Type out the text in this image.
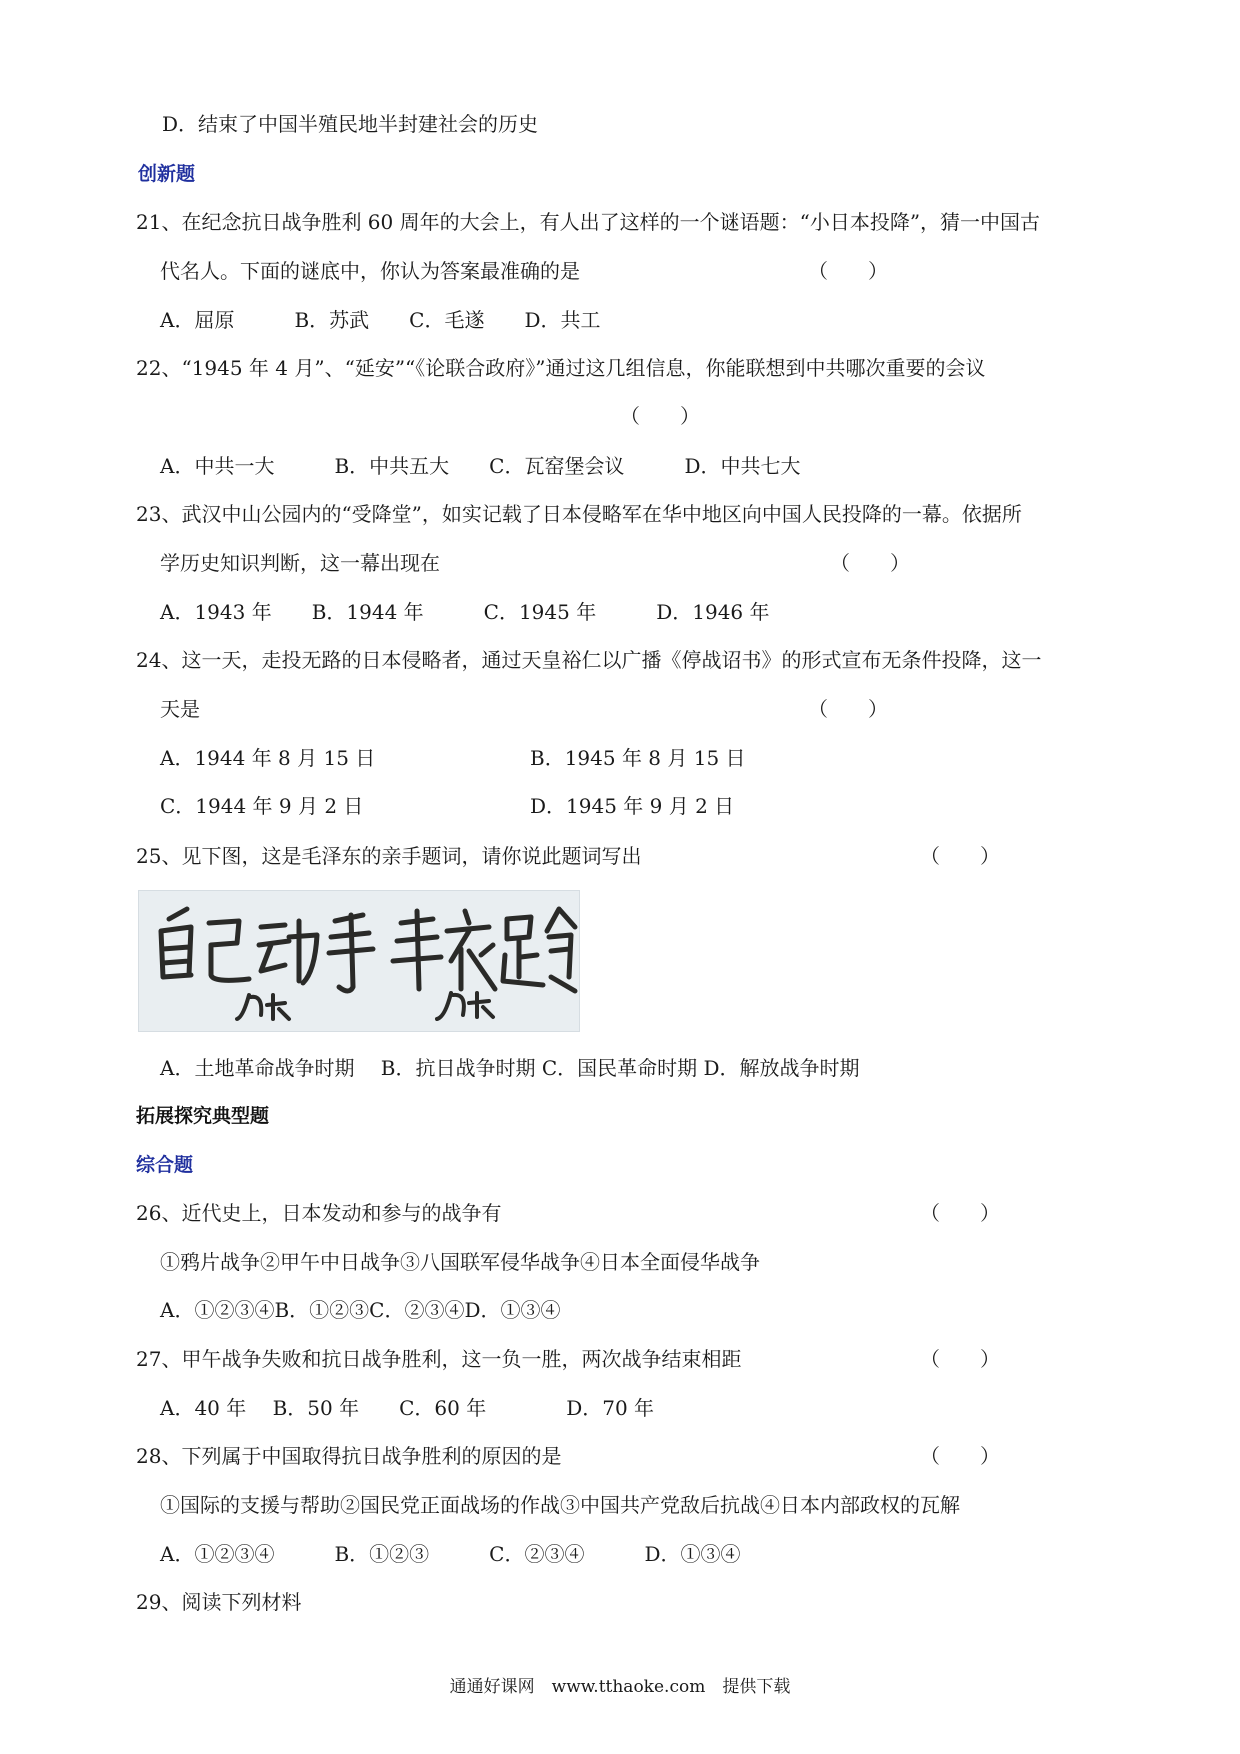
D．结束了中国半殖民地半封建社会的历史
创新题
21、在纪念抗日战争胜利 60 周年的大会上，有人出了这样的一个谜语题：“小日本投降”，猜一中国古
代名人。下面的谜底中，你认为答案最准确的是	（　　）
A．屈原　　　B．苏武　　C．毛遂　　D．共工
22、“1945 年 4 月”、“延安”“《论联合政府》”通过这几组信息，你能联想到中共哪次重要的会议
（　　）
A．中共一大　　　B．中共五大　　C．瓦窑堡会议　　　D．中共七大
23、武汉中山公园内的“受降堂”，如实记载了日本侵略军在华中地区向中国人民投降的一幕。依据所
学历史知识判断，这一幕出现在	（　　）
A．1943 年　　B．1944 年　　　C．1945 年　　　D．1946 年
24、这一天，走投无路的日本侵略者，通过天皇裕仁以广播《停战诏书》的形式宣布无条件投降，这一
天是	（　　）
A．1944 年 8 月 15 日	B．1945 年 8 月 15 日
C．1944 年 9 月 2 日	D．1945 年 9 月 2 日
25、见下图，这是毛泽东的亲手题词，请你说此题词写出	（　　）
A．土地革命战争时期　 B．抗日战争时期 C．国民革命时期 D．解放战争时期
拓展探究典型题
综合题
26、近代史上，日本发动和参与的战争有	（　　）
①鸦片战争②甲午中日战争③八国联军侵华战争④日本全面侵华战争
A．①②③④B．①②③C．②③④D．①③④
27、甲午战争失败和抗日战争胜利，这一负一胜，两次战争结束相距	（　　）
A．40 年　 B．50 年　　C．60 年　　　　D．70 年
28、下列属于中国取得抗日战争胜利的原因的是	（　　）
①国际的支援与帮助②国民党正面战场的作战③中国共产党敌后抗战④日本内部政权的瓦解
A．①②③④　　　B．①②③　　　C．②③④　　　D．①③④
29、阅读下列材料
通通好课网　www.tthaoke.com　提供下载
